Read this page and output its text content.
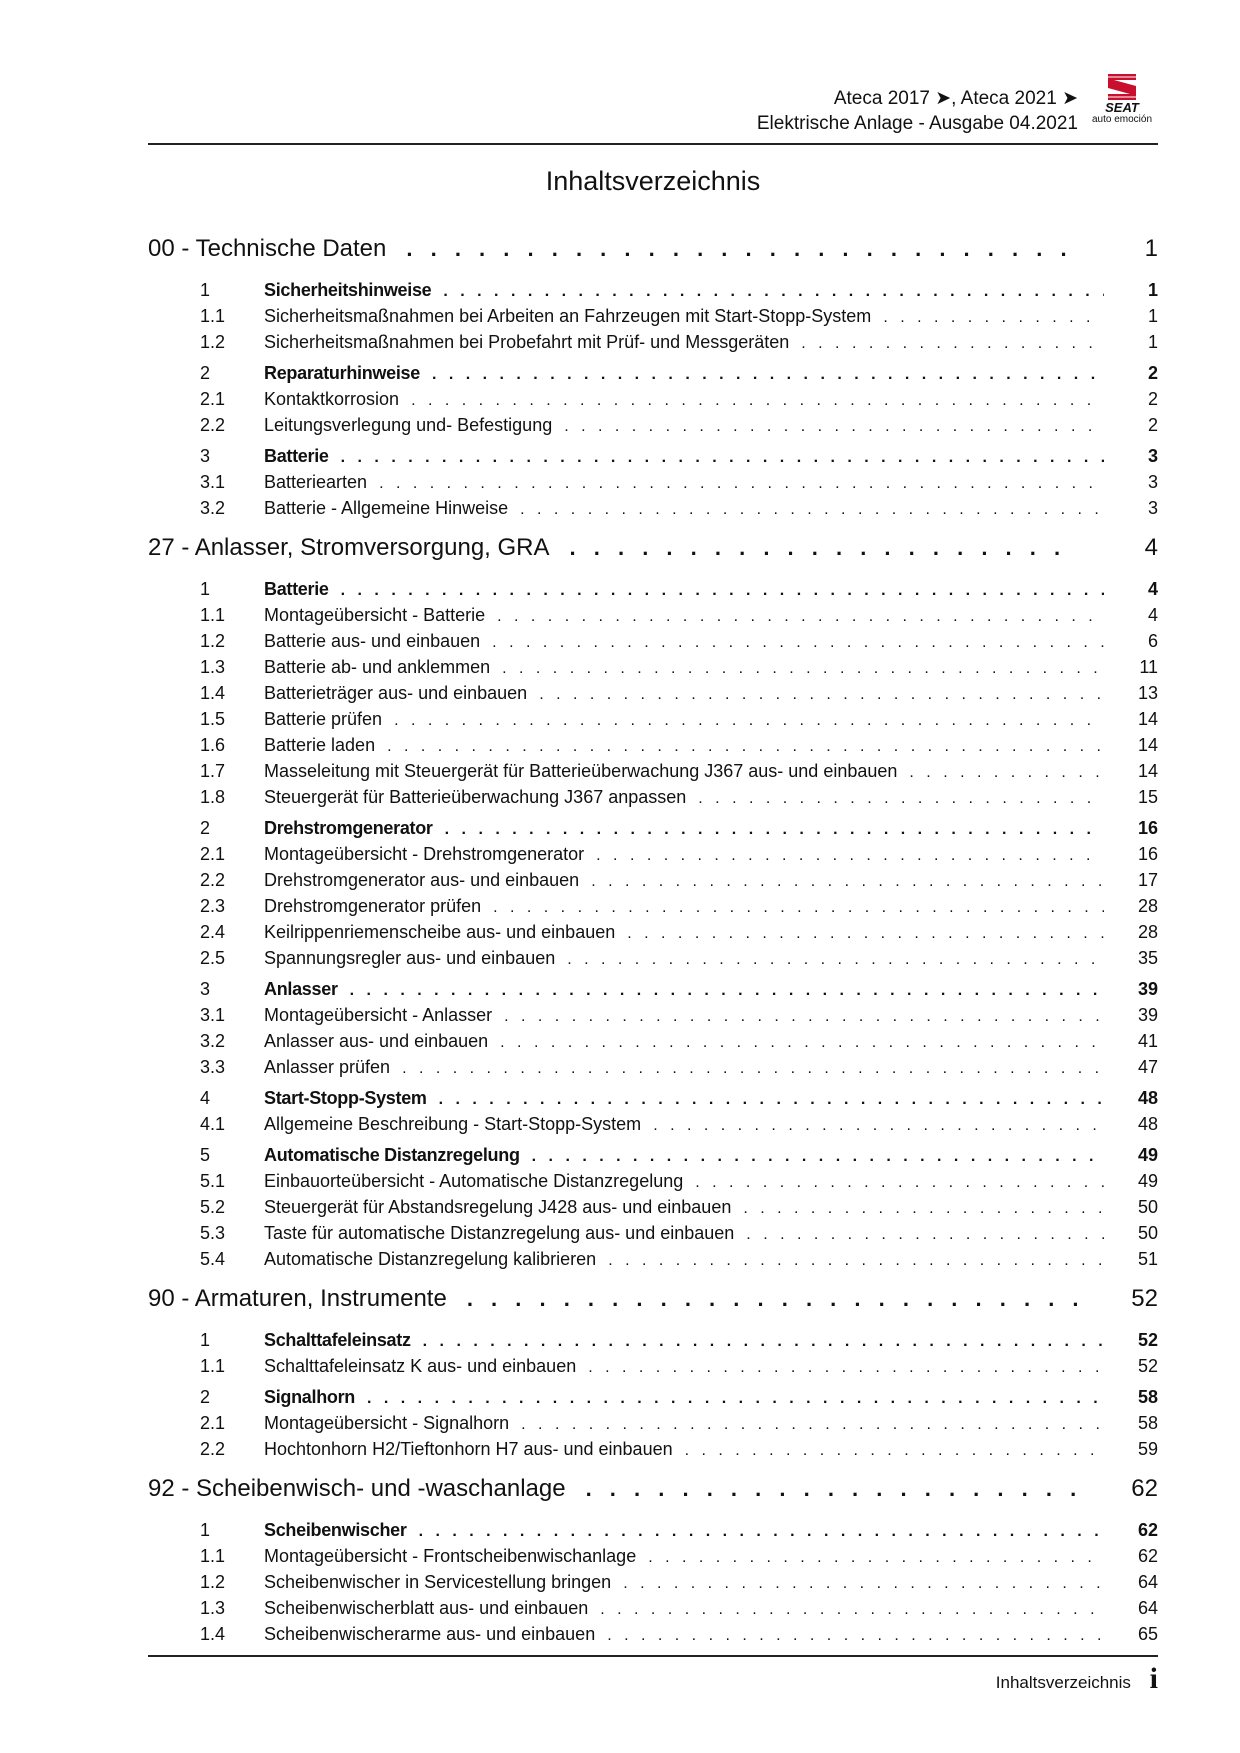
Ateca 2017 ➤, Ateca 2021 ➤
Elektrische Anlage - Ausgabe 04.2021
SEAT
auto emoción
Inhaltsverzeichnis
00 - Technische Daten . . .	1
1	Sicherheitshinweise . . .	1
1.1	Sicherheitsmaßnahmen bei Arbeiten an Fahrzeugen mit Start-Stopp-System . . .	1
1.2	Sicherheitsmaßnahmen bei Probefahrt mit Prüf- und Messgeräten . . .	1
2	Reparaturhinweise . . .	2
2.1	Kontaktkorrosion . . .	2
2.2	Leitungsverlegung und- Befestigung . . .	2
3	Batterie . . .	3
3.1	Batteriearten . . .	3
3.2	Batterie - Allgemeine Hinweise . . .	3
27 - Anlasser, Stromversorgung, GRA . . .	4
1	Batterie . . .	4
1.1	Montageübersicht - Batterie . . .	4
1.2	Batterie aus- und einbauen . . .	6
1.3	Batterie ab- und anklemmen . . .	11
1.4	Batterieträger aus- und einbauen . . .	13
1.5	Batterie prüfen . . .	14
1.6	Batterie laden . . .	14
1.7	Masseleitung mit Steuergerät für Batterieüberwachung J367 aus- und einbauen . . .	14
1.8	Steuergerät für Batterieüberwachung J367 anpassen . . .	15
2	Drehstromgenerator . . .	16
2.1	Montageübersicht - Drehstromgenerator . . .	16
2.2	Drehstromgenerator aus- und einbauen . . .	17
2.3	Drehstromgenerator prüfen . . .	28
2.4	Keilrippenriemenscheibe aus- und einbauen . . .	28
2.5	Spannungsregler aus- und einbauen . . .	35
3	Anlasser . . .	39
3.1	Montageübersicht - Anlasser . . .	39
3.2	Anlasser aus- und einbauen . . .	41
3.3	Anlasser prüfen . . .	47
4	Start-Stopp-System . . .	48
4.1	Allgemeine Beschreibung - Start-Stopp-System . . .	48
5	Automatische Distanzregelung . . .	49
5.1	Einbauorteübersicht - Automatische Distanzregelung . . .	49
5.2	Steuergerät für Abstandsregelung J428 aus- und einbauen . . .	50
5.3	Taste für automatische Distanzregelung aus- und einbauen . . .	50
5.4	Automatische Distanzregelung kalibrieren . . .	51
90 - Armaturen, Instrumente . . .	52
1	Schalttafeleinsatz . . .	52
1.1	Schalttafeleinsatz K aus- und einbauen . . .	52
2	Signalhorn . . .	58
2.1	Montageübersicht - Signalhorn . . .	58
2.2	Hochtonhorn H2/Tieftonhorn H7 aus- und einbauen . . .	59
92 - Scheibenwisch- und -waschanlage . . .	62
1	Scheibenwischer . . .	62
1.1	Montageübersicht - Frontscheibenwischanlage . . .	62
1.2	Scheibenwischer in Servicestellung bringen . . .	64
1.3	Scheibenwischerblatt aus- und einbauen . . .	64
1.4	Scheibenwischerarme aus- und einbauen . . .	65
Inhaltsverzeichnis i
